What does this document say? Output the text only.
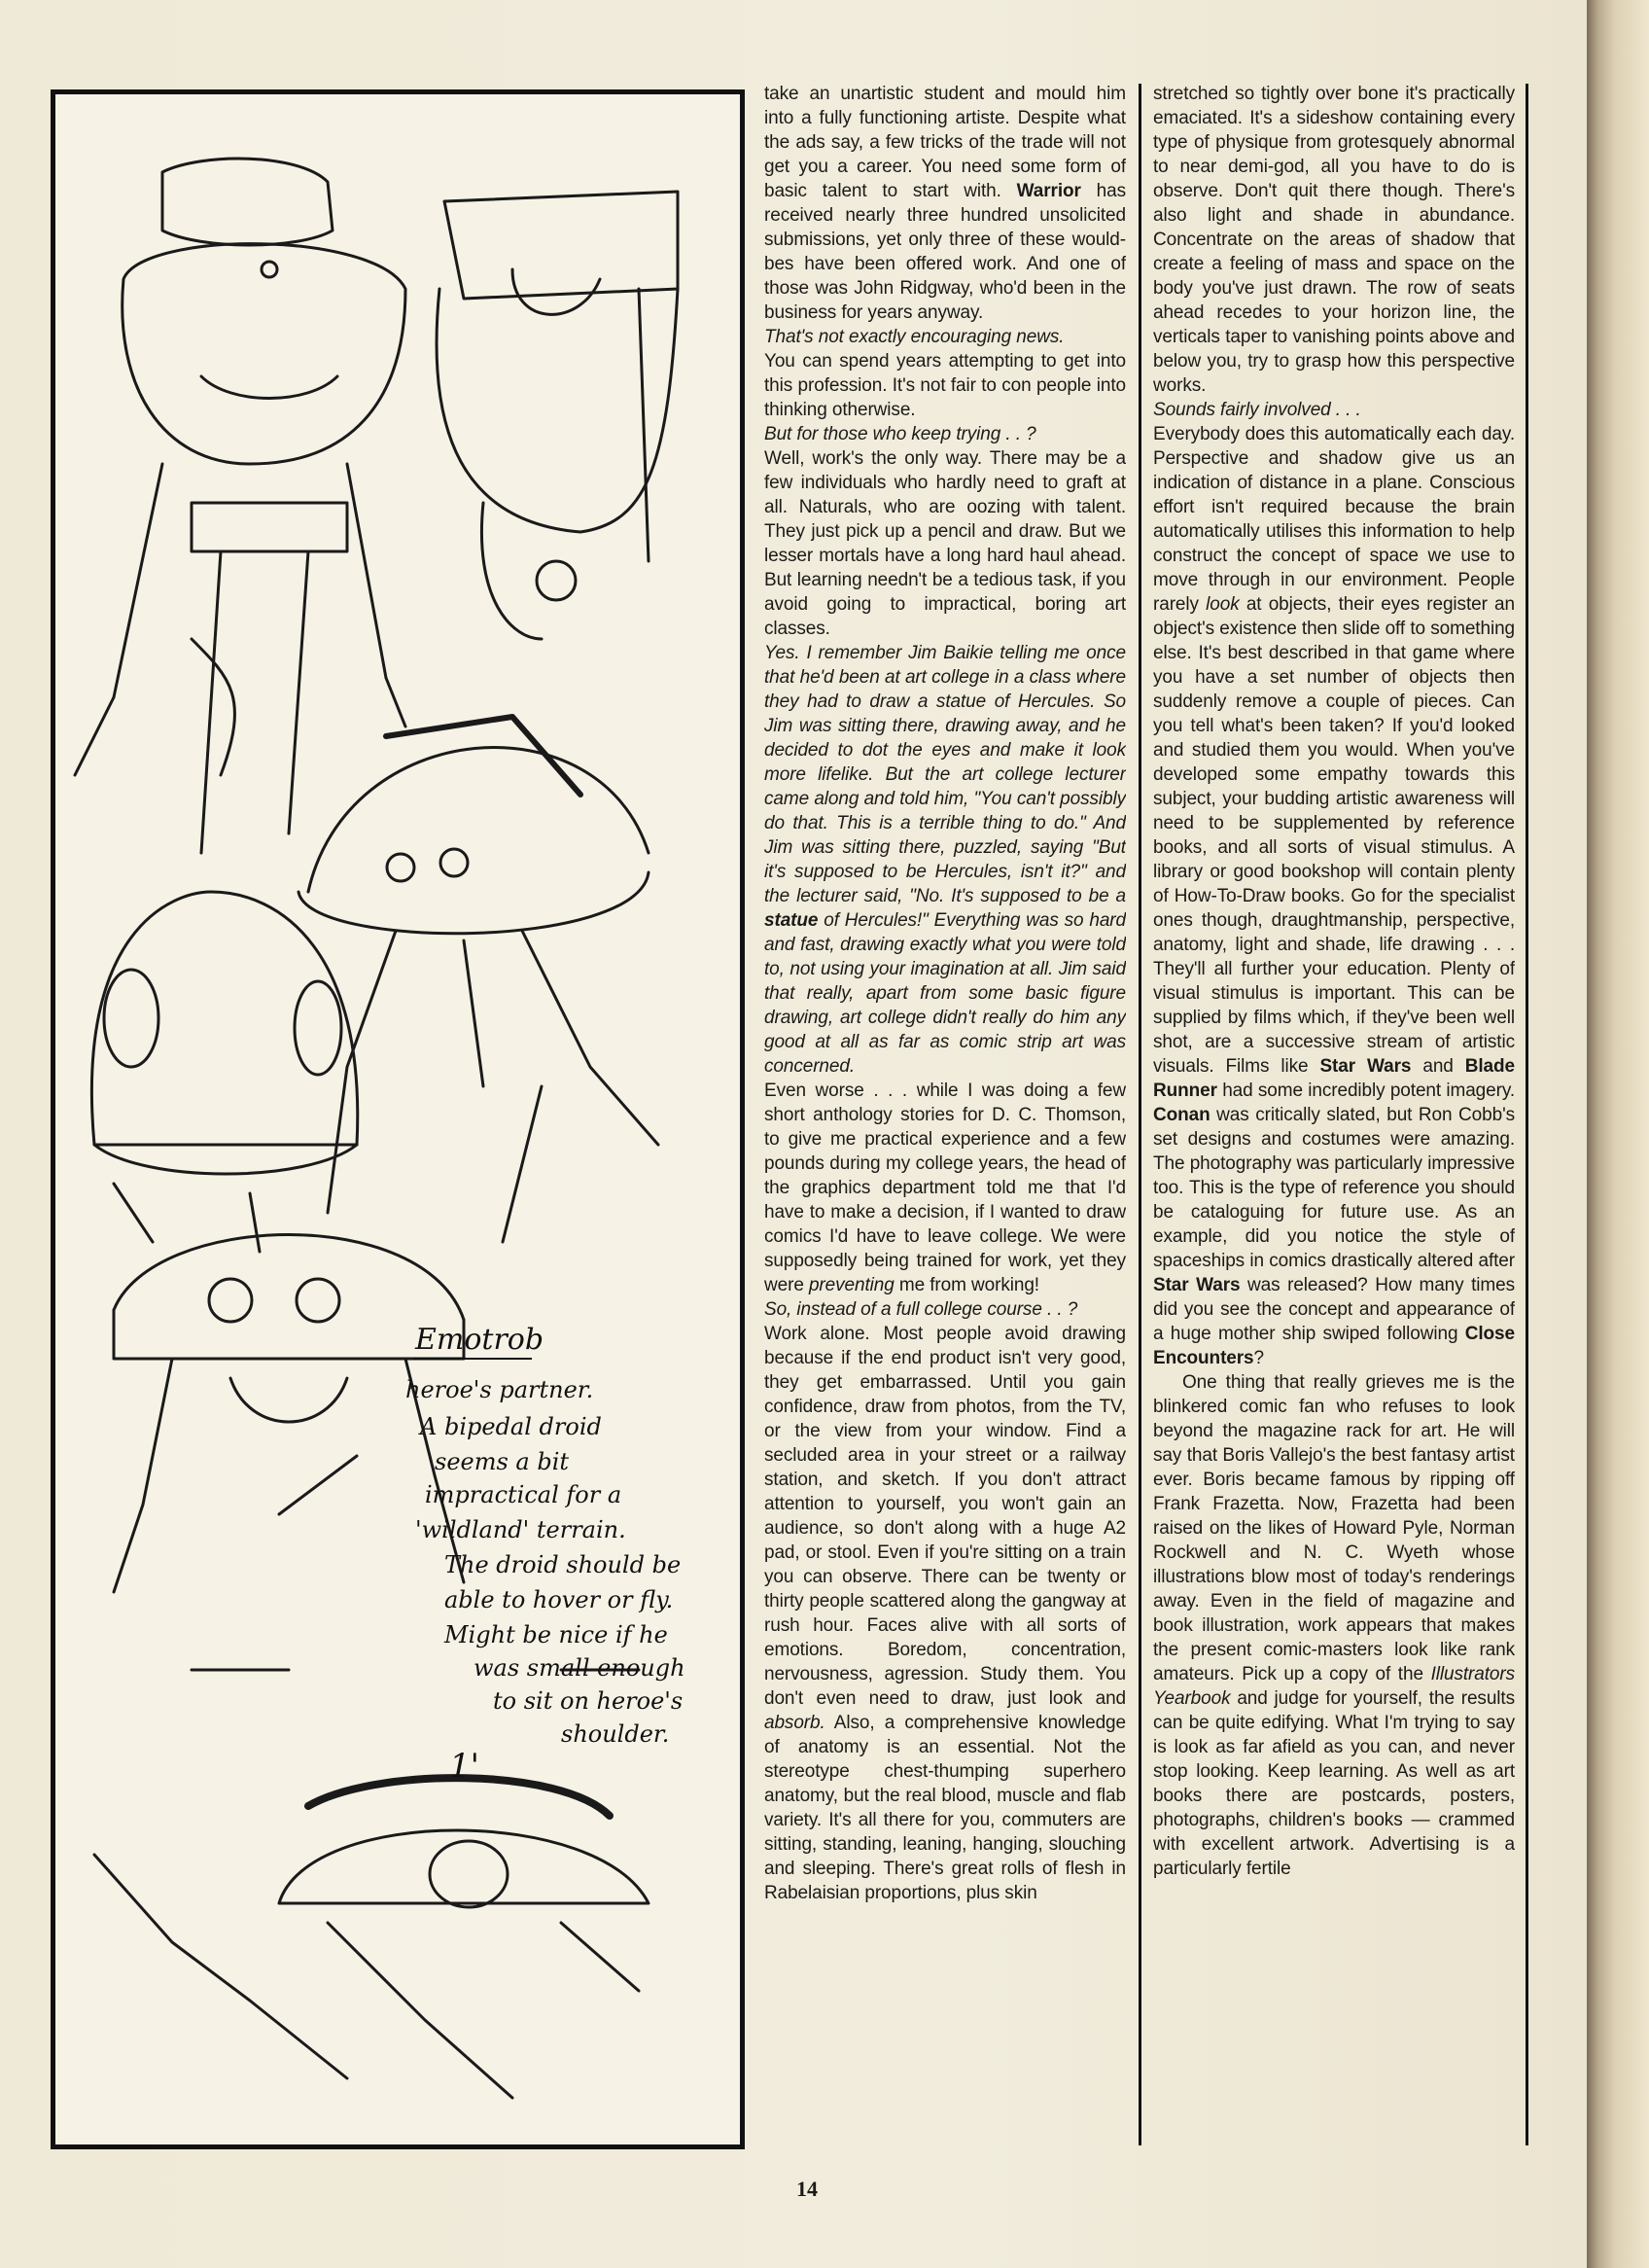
Emotrob
heroe's partner. A bipedal droid seems a bit impractical for a 'wildland' terrain. The droid should be able to hover or fly. Might be nice if he was small enough to sit on heroe's shoulder.
1'

take an unartistic student and mould him into a fully functioning artiste. Despite what the ads say, a few tricks of the trade will not get you a career. You need some form of basic talent to start with. Warrior has received nearly three hundred unsolicited submissions, yet only three of these would-bes have been offered work. And one of those was John Ridgway, who'd been in the business for years anyway.

That's not exactly encouraging news.

You can spend years attempting to get into this profession. It's not fair to con people into thinking otherwise.

But for those who keep trying . . ?

Well, work's the only way. There may be a few individuals who hardly need to graft at all. Naturals, who are oozing with talent. They just pick up a pencil and draw. But we lesser mortals have a long hard haul ahead. But learning needn't be a tedious task, if you avoid going to impractical, boring art classes.

Yes. I remember Jim Baikie telling me once that he'd been at art college in a class where they had to draw a statue of Hercules. So Jim was sitting there, drawing away, and he decided to dot the eyes and make it look more lifelike. But the art college lecturer came along and told him, "You can't possibly do that. This is a terrible thing to do." And Jim was sitting there, puzzled, saying "But it's supposed to be Hercules, isn't it?" and the lecturer said, "No. It's supposed to be a statue of Hercules!" Everything was so hard and fast, drawing exactly what you were told to, not using your imagination at all. Jim said that really, apart from some basic figure drawing, art college didn't really do him any good at all as far as comic strip art was concerned.

Even worse . . . while I was doing a few short anthology stories for D. C. Thomson, to give me practical experience and a few pounds during my college years, the head of the graphics department told me that I'd have to make a decision, if I wanted to draw comics I'd have to leave college. We were supposedly being trained for work, yet they were preventing me from working!

So, instead of a full college course . . ?

Work alone. Most people avoid drawing because if the end product isn't very good, they get embarrassed. Until you gain confidence, draw from photos, from the TV, or the view from your window. Find a secluded area in your street or a railway station, and sketch. If you don't attract attention to yourself, you won't gain an audience, so don't along with a huge A2 pad, or stool. Even if you're sitting on a train you can observe. There can be twenty or thirty people scattered along the gangway at rush hour. Faces alive with all sorts of emotions. Boredom, concentration, nervousness, agression. Study them. You don't even need to draw, just look and absorb. Also, a comprehensive knowledge of anatomy is an essential. Not the stereotype chest-thumping superhero anatomy, but the real blood, muscle and flab variety. It's all there for you, commuters are sitting, standing, leaning, hanging, slouching and sleeping. There's great rolls of flesh in Rabelaisian proportions, plus skin

stretched so tightly over bone it's practically emaciated. It's a sideshow containing every type of physique from grotesquely abnormal to near demi-god, all you have to do is observe. Don't quit there though. There's also light and shade in abundance. Concentrate on the areas of shadow that create a feeling of mass and space on the body you've just drawn. The row of seats ahead recedes to your horizon line, the verticals taper to vanishing points above and below you, try to grasp how this perspective works.

Sounds fairly involved . . .

Everybody does this automatically each day. Perspective and shadow give us an indication of distance in a plane. Conscious effort isn't required because the brain automatically utilises this information to help construct the concept of space we use to move through in our environment. People rarely look at objects, their eyes register an object's existence then slide off to something else. It's best described in that game where you have a set number of objects then suddenly remove a couple of pieces. Can you tell what's been taken? If you'd looked and studied them you would. When you've developed some empathy towards this subject, your budding artistic awareness will need to be supplemented by reference books, and all sorts of visual stimulus. A library or good bookshop will contain plenty of How-To-Draw books. Go for the specialist ones though, draughtmanship, perspective, anatomy, light and shade, life drawing . . . They'll all further your education. Plenty of visual stimulus is important. This can be supplied by films which, if they've been well shot, are a successive stream of artistic visuals. Films like Star Wars and Blade Runner had some incredibly potent imagery. Conan was critically slated, but Ron Cobb's set designs and costumes were amazing. The photography was particularly impressive too. This is the type of reference you should be cataloguing for future use. As an example, did you notice the style of spaceships in comics drastically altered after Star Wars was released? How many times did you see the concept and appearance of a huge mother ship swiped following Close Encounters?

One thing that really grieves me is the blinkered comic fan who refuses to look beyond the magazine rack for art. He will say that Boris Vallejo's the best fantasy artist ever. Boris became famous by ripping off Frank Frazetta. Now, Frazetta had been raised on the likes of Howard Pyle, Norman Rockwell and N. C. Wyeth whose illustrations blow most of today's renderings away. Even in the field of magazine and book illustration, work appears that makes the present comic-masters look like rank amateurs. Pick up a copy of the Illustrators Yearbook and judge for yourself, the results can be quite edifying. What I'm trying to say is look as far afield as you can, and never stop looking. Keep learning. As well as art books there are postcards, posters, photographs, children's books — crammed with excellent artwork. Advertising is a particularly fertile

14
